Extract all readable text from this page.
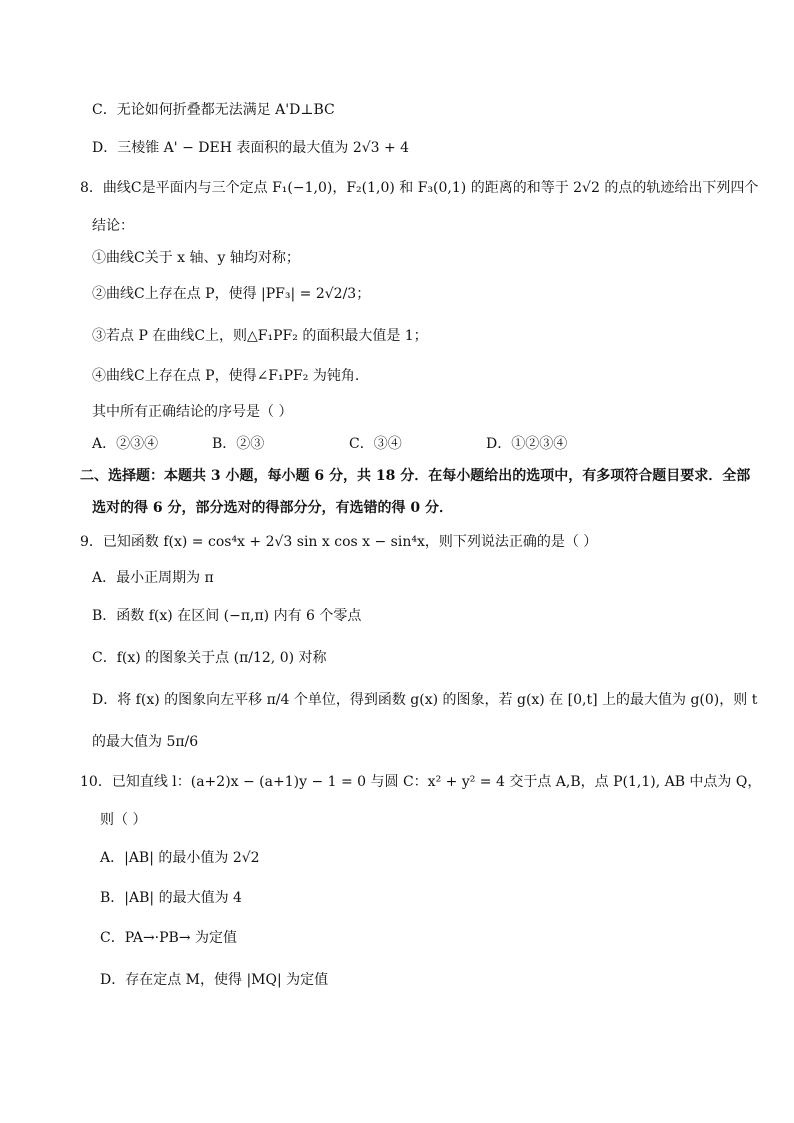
C．无论如何折叠都无法满足 A'D⊥BC
D．三棱锥 A' − DEH 表面积的最大值为 2√3 + 4
8．曲线C是平面内与三个定点 F₁(−1,0)，F₂(1,0) 和 F₃(0,1) 的距离的和等于 2√2 的点的轨迹给出下列四个
结论：
①曲线C关于 x 轴、y 轴均对称；
②曲线C上存在点 P，使得 |PF₃| = 2√2/3；
③若点 P 在曲线C上，则△F₁PF₂ 的面积最大值是 1；
④曲线C上存在点 P，使得∠F₁PF₂ 为钝角.
其中所有正确结论的序号是（ ）
A．②③④	B．②③	C．③④	D．①②③④
二、选择题：本题共 3 小题，每小题 6 分，共 18 分．在每小题给出的选项中，有多项符合题目要求．全部
选对的得 6 分，部分选对的得部分分，有选错的得 0 分．
9．已知函数 f(x) = cos⁴x + 2√3 sin x cos x − sin⁴x，则下列说法正确的是（ ）
A．最小正周期为 π
B．函数 f(x) 在区间 (−π,π) 内有 6 个零点
C．f(x) 的图象关于点 (π/12, 0) 对称
D．将 f(x) 的图象向左平移 π/4 个单位，得到函数 g(x) 的图象，若 g(x) 在 [0,t] 上的最大值为 g(0)，则 t
的最大值为 5π/6
10．已知直线 l：(a+2)x − (a+1)y − 1 = 0 与圆 C：x² + y² = 4 交于点 A,B，点 P(1,1), AB 中点为 Q，
则（ ）
A．|AB| 的最小值为 2√2
B．|AB| 的最大值为 4
C．PA→·PB→ 为定值
D．存在定点 M，使得 |MQ| 为定值
